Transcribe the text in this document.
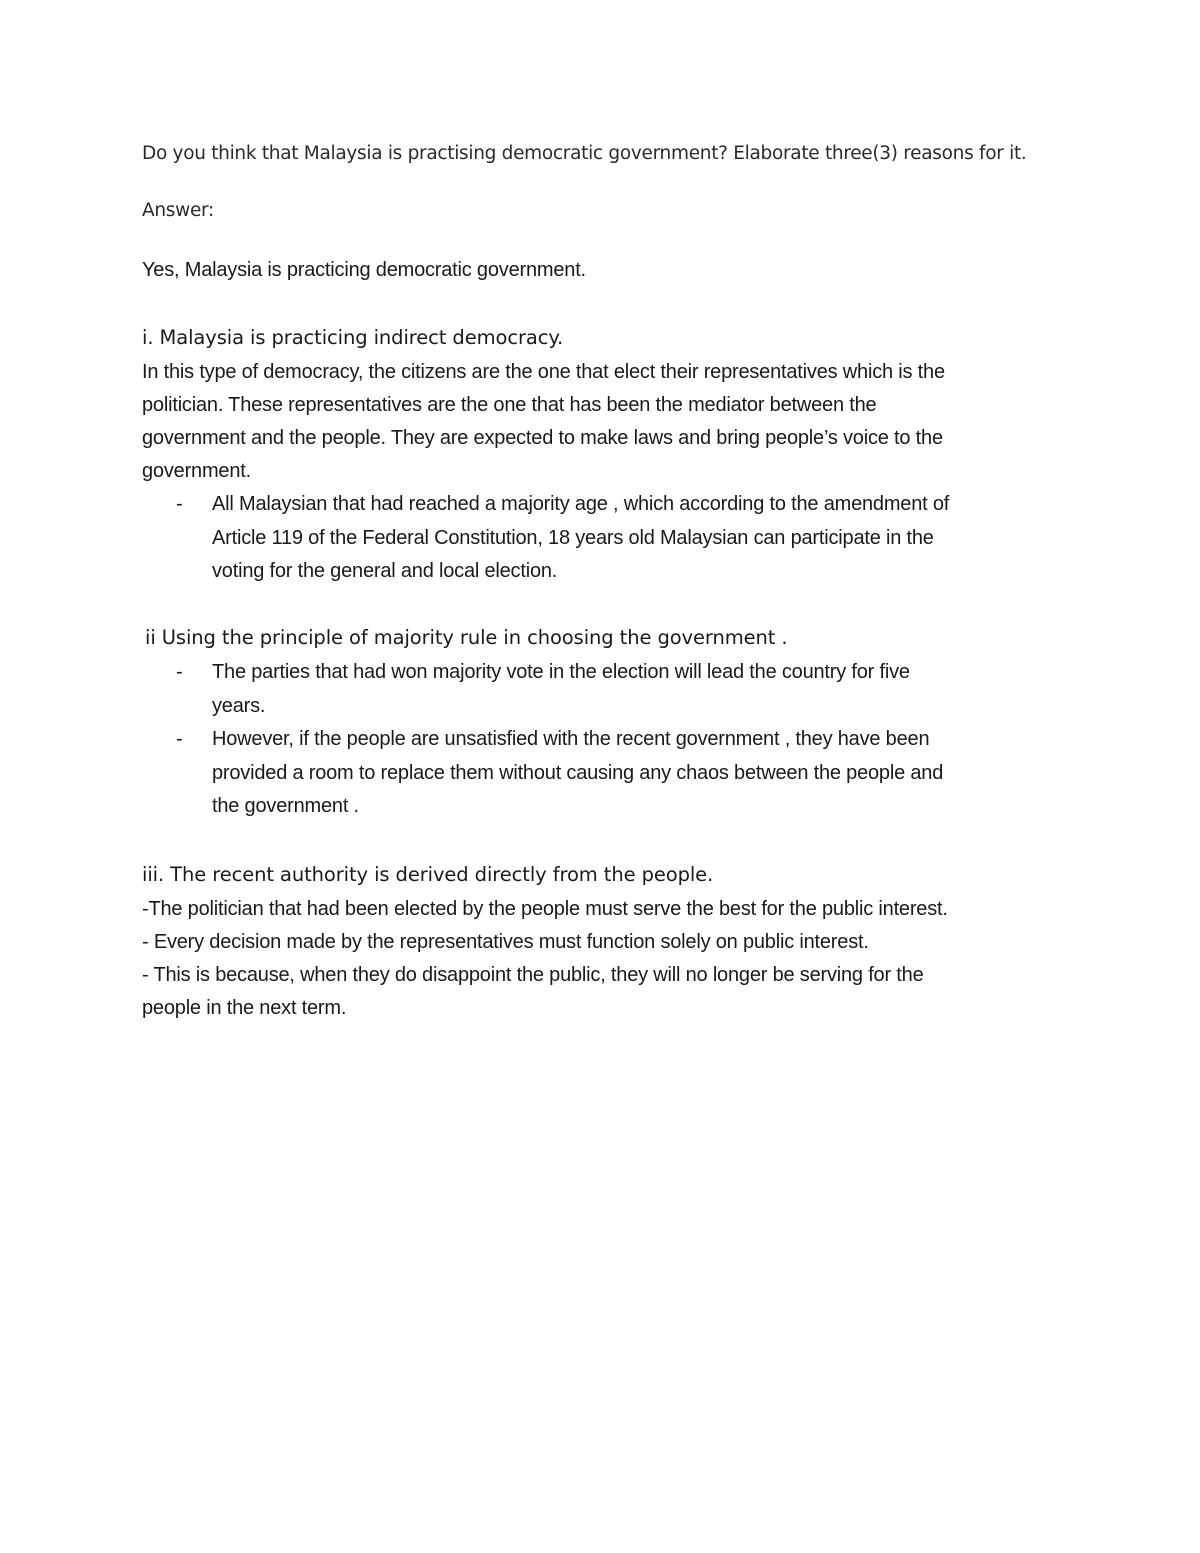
Do you think that Malaysia is practising democratic government? Elaborate three(3) reasons for it.
Answer:
Yes, Malaysia is practicing democratic government.
i. Malaysia is practicing indirect democracy.
In this type of democracy, the citizens are the one that elect their representatives which is the
politician. These representatives are the one that has been the mediator between the
government and the people. They are expected to make laws and bring people’s voice to the
government.
- All Malaysian that had reached a majority age , which according to the amendment of
Article 119 of the Federal Constitution, 18 years old Malaysian can participate in the
voting for the general and local election.
ii Using the principle of majority rule in choosing the government .
- The parties that had won majority vote in the election will lead the country for five
years.
- However, if the people are unsatisfied with the recent government , they have been
provided a room to replace them without causing any chaos between the people and
the government .
iii. The recent authority is derived directly from the people.
-The politician that had been elected by the people must serve the best for the public interest.
- Every decision made by the representatives must function solely on public interest.
- This is because, when they do disappoint the public, they will no longer be serving for the
people in the next term.
